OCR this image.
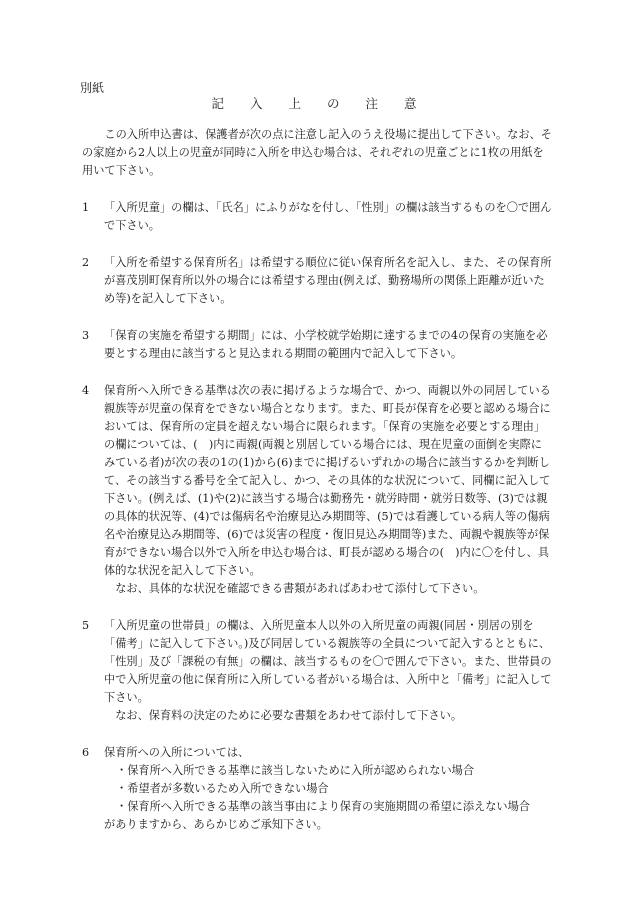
別紙
記 入 上 の 注 意

この入所申込書は、保護者が次の点に注意し記入のうえ役場に提出して下さい。なお、その家庭から2人以上の児童が同時に入所を申込む場合は、それぞれの児童ごとに1枚の用紙を用いて下さい。

1	「入所児童」の欄は、「氏名」にふりがなを付し、「性別」の欄は該当するものを〇で囲んで下さい。

2	「入所を希望する保育所名」は希望する順位に従い保育所名を記入し、また、その保育所が喜茂別町保育所以外の場合には希望する理由(例えば、勤務場所の関係上距離が近いため等)を記入して下さい。

3	「保育の実施を希望する期間」には、小学校就学始期に達するまでの4の保育の実施を必要とする理由に該当すると見込まれる期間の範囲内で記入して下さい。

4	保育所へ入所できる基準は次の表に掲げるような場合で、かつ、両親以外の同居している親族等が児童の保育をできない場合となります。また、町長が保育を必要と認める場合においては、保育所の定員を超えない場合に限られます。「保育の実施を必要とする理由」の欄については、(　)内に両親(両親と別居している場合には、現在児童の面倒を実際にみている者)が次の表の1の(1)から(6)までに掲げるいずれかの場合に該当するかを判断して、その該当する番号を全て記入し、かつ、その具体的な状況について、同欄に記入して下さい。(例えば、(1)や(2)に該当する場合は勤務先・就労時間・就労日数等、(3)では親の具体的状況等、(4)では傷病名や治療見込み期間等、(5)では看護している病人等の傷病名や治療見込み期間等、(6)では災害の程度・復旧見込み期間等)また、両親や親族等が保育ができない場合以外で入所を申込む場合は、町長が認める場合の(　)内に〇を付し、具体的な状況を記入して下さい。

なお、具体的な状況を確認できる書類があればあわせて添付して下さい。

5	「入所児童の世帯員」の欄は、入所児童本人以外の入所児童の両親(同居・別居の別を「備考」に記入して下さい。)及び同居している親族等の全員について記入するとともに、「性別」及び「課税の有無」の欄は、該当するものを〇で囲んで下さい。また、世帯員の中で入所児童の他に保育所に入所している者がいる場合は、入所中と「備考」に記入して下さい。

なお、保育料の決定のために必要な書類をあわせて添付して下さい。

6	保育所への入所については、

・保育所へ入所できる基準に該当しないために入所が認められない場合
・希望者が多数いるため入所できない場合
・保育所へ入所できる基準の該当事由により保育の実施期間の希望に添えない場合

がありますから、あらかじめご承知下さい。
